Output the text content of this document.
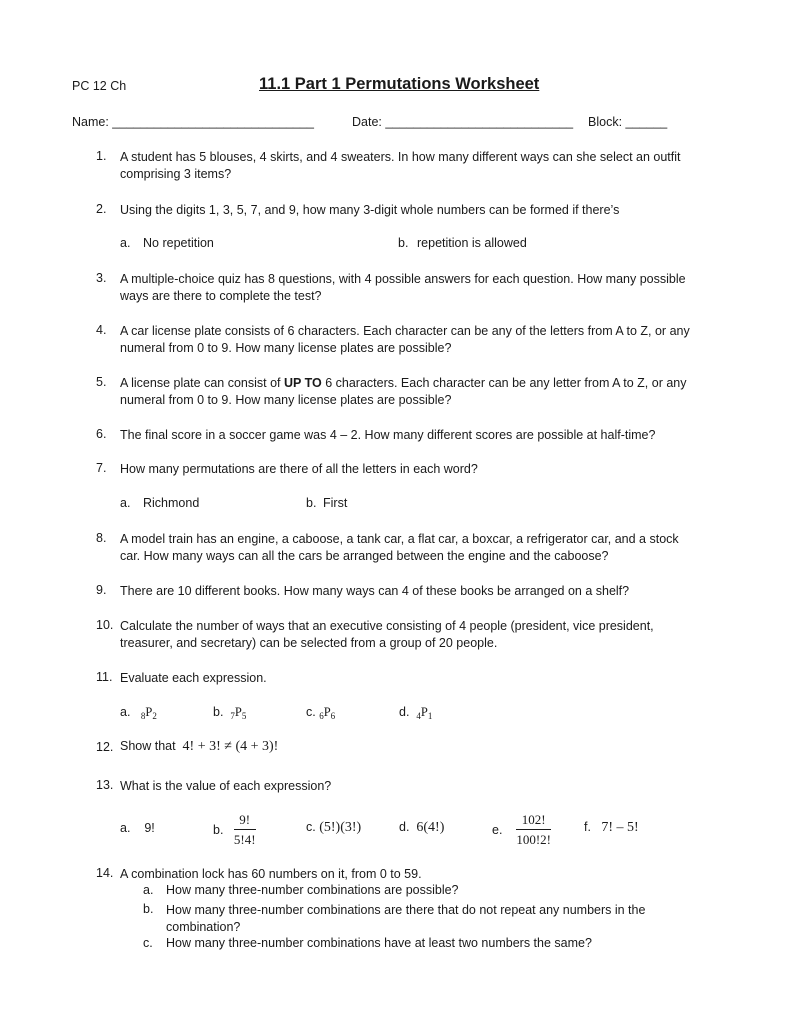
PC 12 Ch	11.1 Part 1 Permutations Worksheet
Name: _____________________________	Date: ___________________________ Block: ______
1. A student has 5 blouses, 4 skirts, and 4 sweaters. In how many different ways can she select an outfit
comprising 3 items?
2. Using the digits 1, 3, 5, 7, and 9, how many 3-digit whole numbers can be formed if there’s
a. No repetition	b. repetition is allowed
3. A multiple-choice quiz has 8 questions, with 4 possible answers for each question. How many possible
ways are there to complete the test?
4. A car license plate consists of 6 characters. Each character can be any of the letters from A to Z, or any
numeral from 0 to 9. How many license plates are possible?
5. A license plate can consist of UP TO 6 characters. Each character can be any letter from A to Z, or any
numeral from 0 to 9. How many license plates are possible?
6. The final score in a soccer game was 4 – 2. How many different scores are possible at half-time?
7. How many permutations are there of all the letters in each word?
a. Richmond	b. First
8. A model train has an engine, a caboose, a tank car, a flat car, a boxcar, a refrigerator car, and a stock
car. How many ways can all the cars be arranged between the engine and the caboose?
9. There are 10 different books. How many ways can 4 of these books be arranged on a shelf?
10. Calculate the number of ways that an executive consisting of 4 people (president, vice president,
treasurer, and secretary) can be selected from a group of 20 people.
11. Evaluate each expression.
a. $_8P_2$	b. $_7P_5$	c. $_6P_6$	d. $_4P_1$
12. Show that 4! + 3! ≠ (4 + 3)!
13. What is the value of each expression?
a. 9!	b. $\frac{9!}{5!4!}$	c. (5!)(3!)	d. 6(4!)	e. $\frac{102!}{100!2!}$	f. 7! – 5!
14. A combination lock has 60 numbers on it, from 0 to 59.
a. How many three-number combinations are possible?
b. How many three-number combinations are there that do not repeat any numbers in the
combination?
c. How many three-number combinations have at least two numbers the same?
